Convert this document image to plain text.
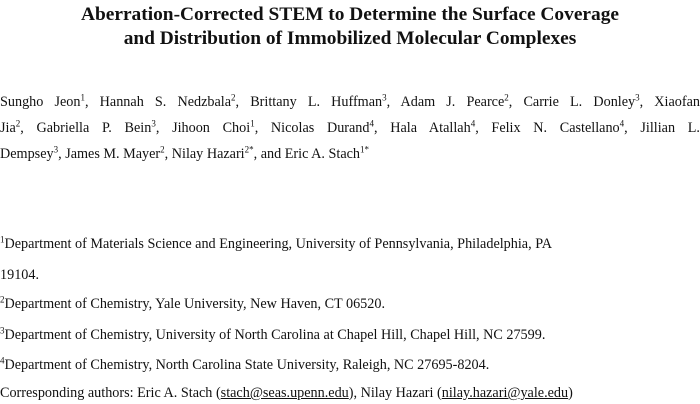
Aberration-Corrected STEM to Determine the Surface Coverage
and Distribution of Immobilized Molecular Complexes
Sungho Jeon$^1$, Hannah S. Nedzbala$^2$, Brittany L. Huffman$^3$, Adam J. Pearce$^2$, Carrie L. Donley$^3$, Xiaofan
Jia$^2$, Gabriella P. Bein$^3$, Jihoon Choi$^1$, Nicolas Durand$^4$, Hala Atallah$^4$, Felix N. Castellano$^4$, Jillian L.
Dempsey$^3$, James M. Mayer$^2$, Nilay Hazari$^{2*}$, and Eric A. Stach$^{1*}$
$^1$Department of Materials Science and Engineering, University of Pennsylvania, Philadelphia, PA
19104.
$^2$Department of Chemistry, Yale University, New Haven, CT 06520.
$^3$Department of Chemistry, University of North Carolina at Chapel Hill, Chapel Hill, NC 27599.
$^4$Department of Chemistry, North Carolina State University, Raleigh, NC 27695-8204.
Corresponding authors: Eric A. Stach (stach@seas.upenn.edu), Nilay Hazari (nilay.hazari@yale.edu)
